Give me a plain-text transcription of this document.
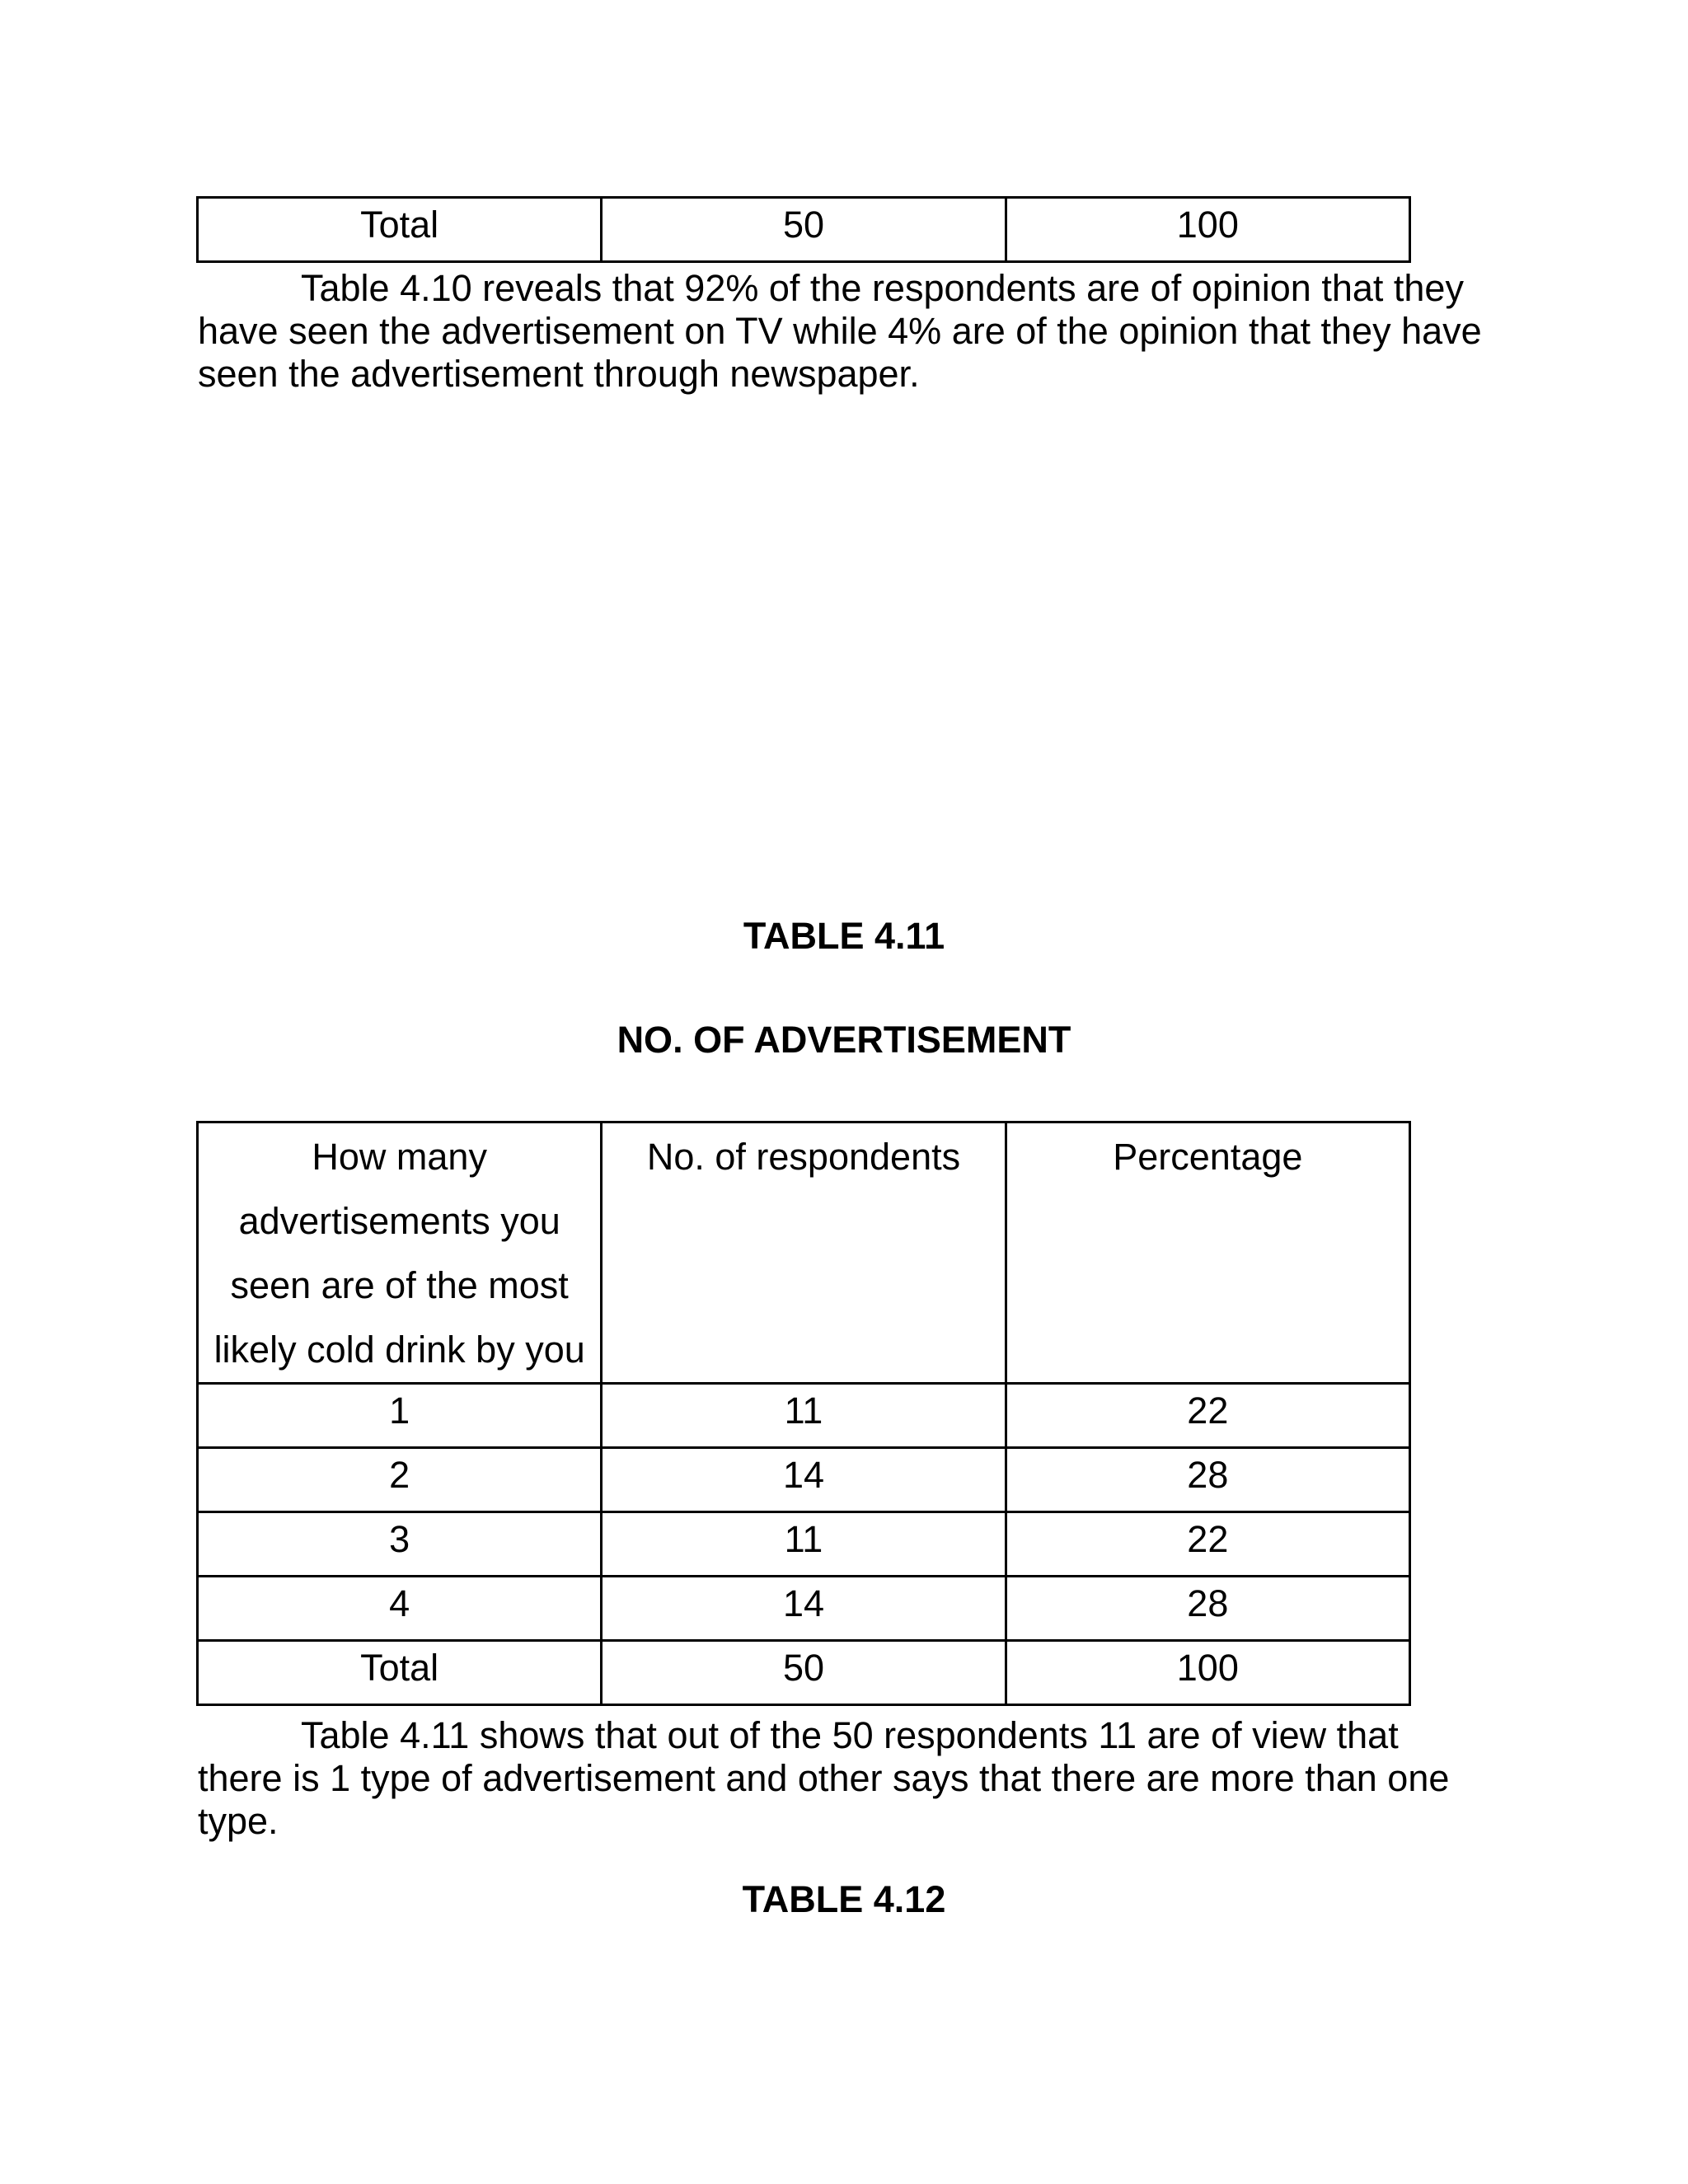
Total	50	100
Table 4.10 reveals that 92% of the respondents are of opinion that they
have seen the advertisement on TV while 4% are of the opinion that they have
seen the advertisement through newspaper.
TABLE 4.11
NO. OF ADVERTISEMENT
How many
advertisements you
seen are of the most
likely cold drink by you	No. of respondents	Percentage

1	11	22
2	14	28
3	11	22
4	14	28
Total	50	100
Table 4.11 shows that out of the 50 respondents 11 are of view that
there is 1 type of advertisement and other says that there are more than one
type.
TABLE 4.12
